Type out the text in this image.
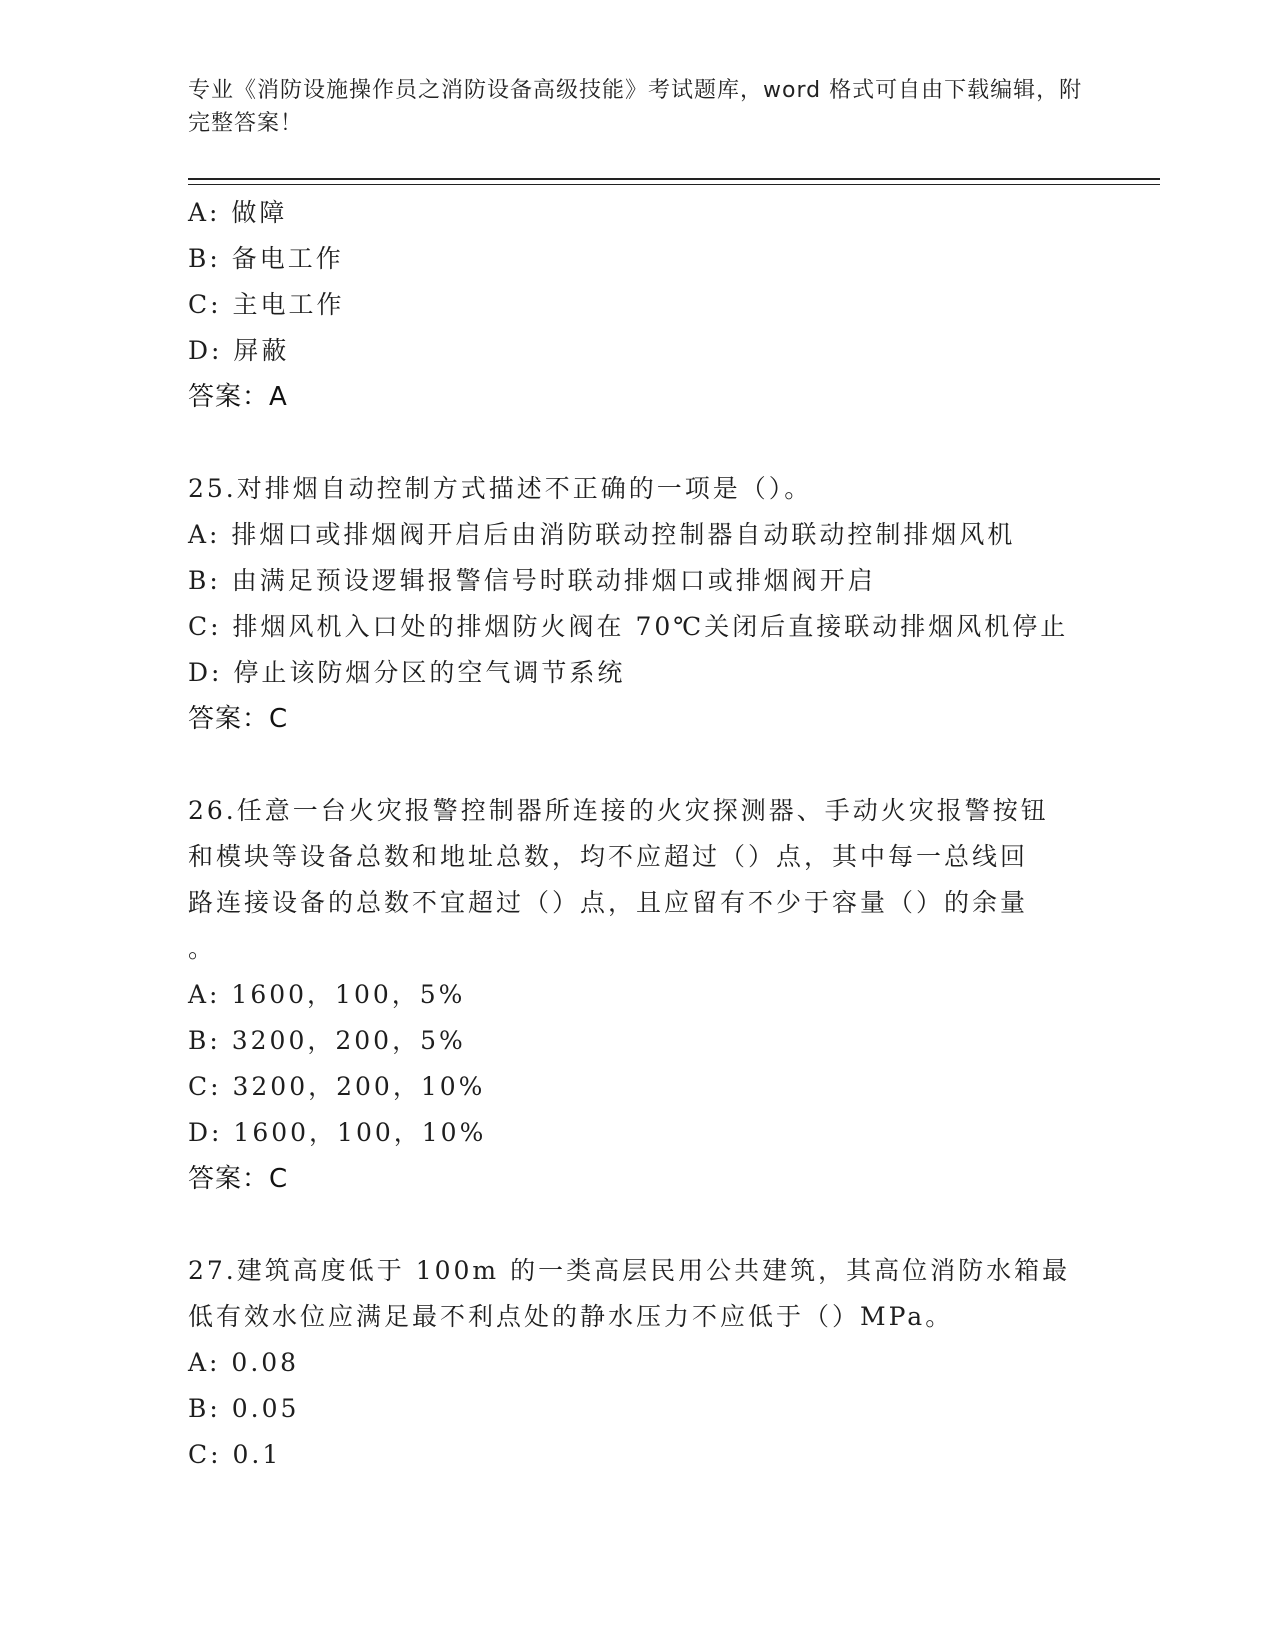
专业《消防设施操作员之消防设备高级技能》考试题库，word 格式可自由下载编辑，附完整答案！
A: 做障
B: 备电工作
C: 主电工作
D: 屏蔽
答案：A
25.对排烟自动控制方式描述不正确的一项是（）。
A: 排烟口或排烟阀开启后由消防联动控制器自动联动控制排烟风机
B: 由满足预设逻辑报警信号时联动排烟口或排烟阀开启
C: 排烟风机入口处的排烟防火阀在 70℃关闭后直接联动排烟风机停止
D: 停止该防烟分区的空气调节系统
答案：C
26.任意一台火灾报警控制器所连接的火灾探测器、手动火灾报警按钮
和模块等设备总数和地址总数，均不应超过（）点，其中每一总线回
路连接设备的总数不宜超过（）点，且应留有不少于容量（）的余量
。
A: 1600，100，5%
B: 3200，200，5%
C: 3200，200，10%
D: 1600，100，10%
答案：C
27.建筑高度低于 100m 的一类高层民用公共建筑，其高位消防水箱最
低有效水位应满足最不利点处的静水压力不应低于（）MPa。
A: 0.08
B: 0.05
C: 0.1
